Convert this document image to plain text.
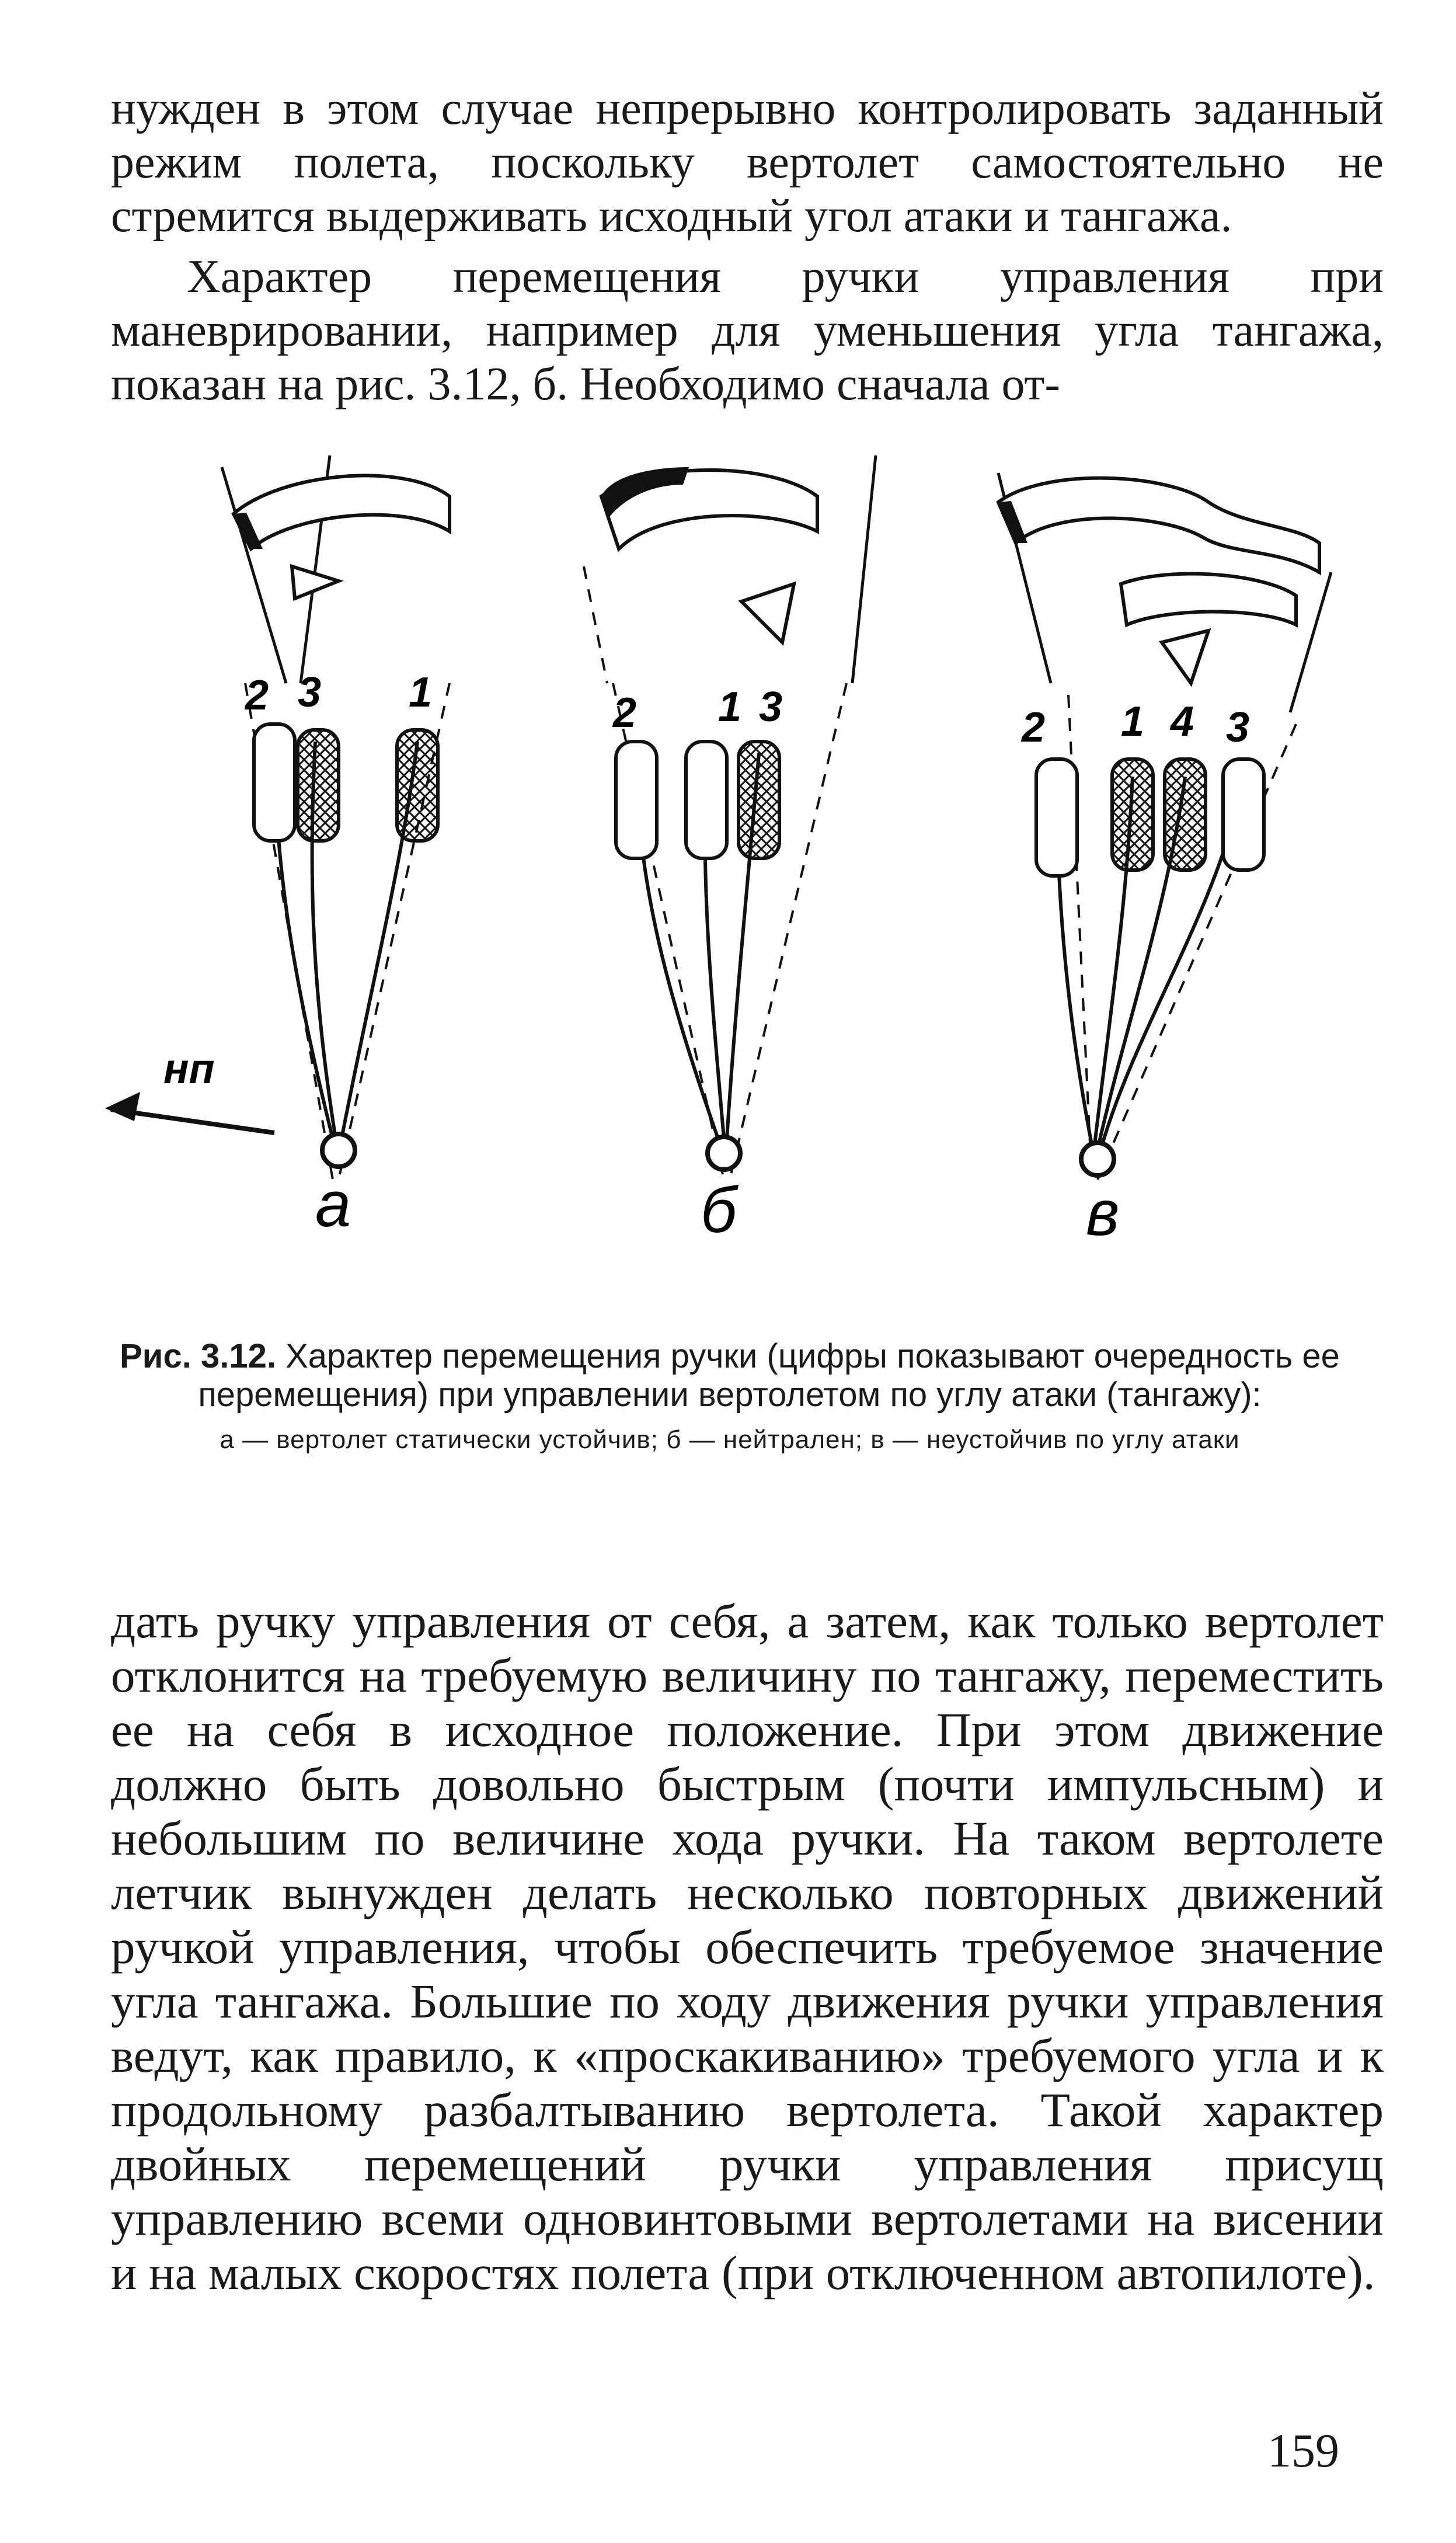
нужден в этом случае непрерывно контролировать заданный режим полета, поскольку вертолет самостоятельно не стремится выдерживать исходный угол атаки и тангажа.
Характер перемещения ручки управления при маневрировании, например для уменьшения угла тангажа, показан на рис. 3.12, б. Необходимо сначала от-

2 3 1
нп
а
2 1 3
б
2 1 4 3
в
Рис. 3.12. Характер перемещения ручки (цифры показывают очередность ее перемещения) при управлении вертолетом по углу атаки (тангажу):
а — вертолет статически устойчив; б — нейтрален; в — неустойчив по углу атаки

дать ручку управления от себя, а затем, как только вертолет отклонится на требуемую величину по тангажу, переместить ее на себя в исходное положение. При этом движение должно быть довольно быстрым (почти импульсным) и небольшим по величине хода ручки. На таком вертолете летчик вынужден делать несколько повторных движений ручкой управления, чтобы обеспечить требуемое значение угла тангажа. Большие по ходу движения ручки управления ведут, как правило, к «проскакиванию» требуемого угла и к продольному разбалтыванию вертолета. Такой характер двойных перемещений ручки управления присущ управлению всеми одновинтовыми вертолетами на висении и на малых скоростях полета (при отключенном автопилоте).

159
